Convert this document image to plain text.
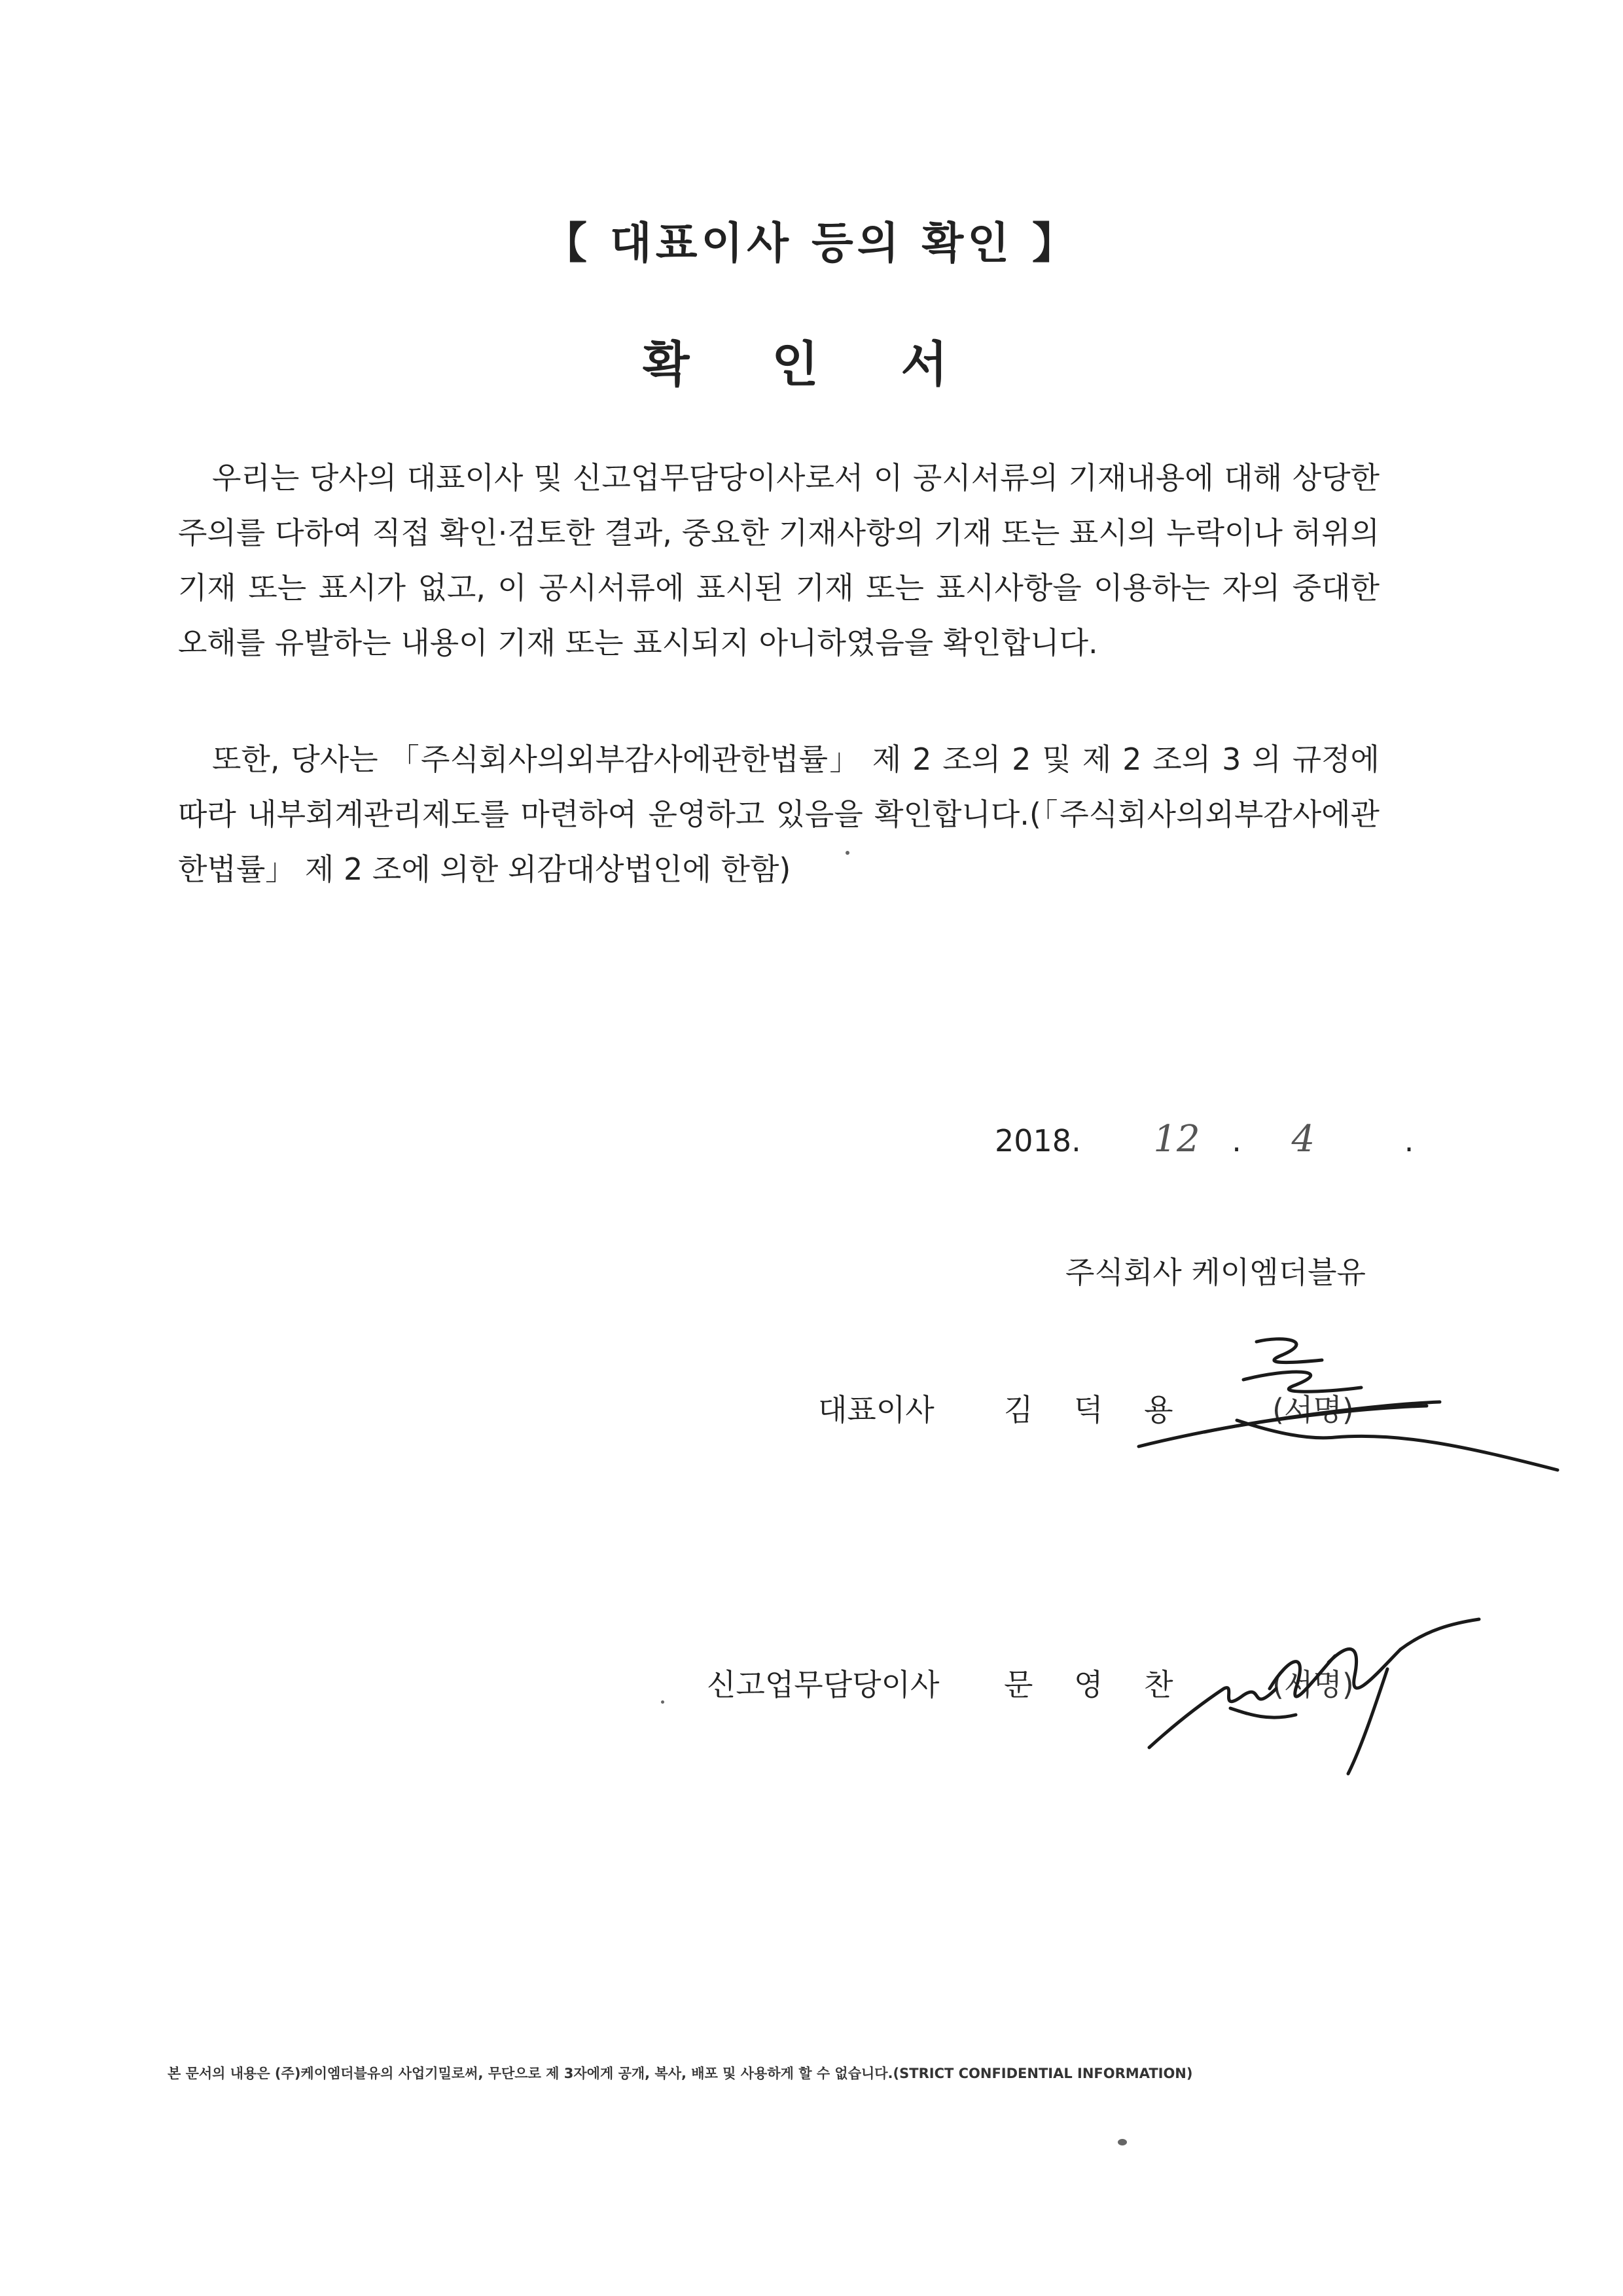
【 대표이사 등의 확인 】
확 인 서
우리는 당사의 대표이사 및 신고업무담당이사로서 이 공시서류의 기재내용에 대해 상당한 주의를 다하여 직접 확인·검토한 결과, 중요한 기재사항의 기재 또는 표시의 누락이나 허위의 기재 또는 표시가 없고, 이 공시서류에 표시된 기재 또는 표시사항을 이용하는 자의 중대한 오해를 유발하는 내용이 기재 또는 표시되지 아니하였음을 확인합니다.
또한, 당사는 「주식회사의외부감사에관한법률」 제 2 조의 2 및 제 2 조의 3 의 규정에 따라 내부회계관리제도를 마련하여 운영하고 있음을 확인합니다.(「주식회사의외부감사에관한법률」 제 2 조에 의한 외감대상법인에 한함)
2018. 12 . 4	.
주식회사 케이엠더블유
대표이사 김 덕 용	(서명)
신고업무담당이사 문 영 찬	(서명)
본 문서의 내용은 (주)케이엠더블유의 사업기밀로써, 무단으로 제 3자에게 공개, 복사, 배포 및 사용하게 할 수 없습니다.(STRICT CONFIDENTIAL INFORMATION)
